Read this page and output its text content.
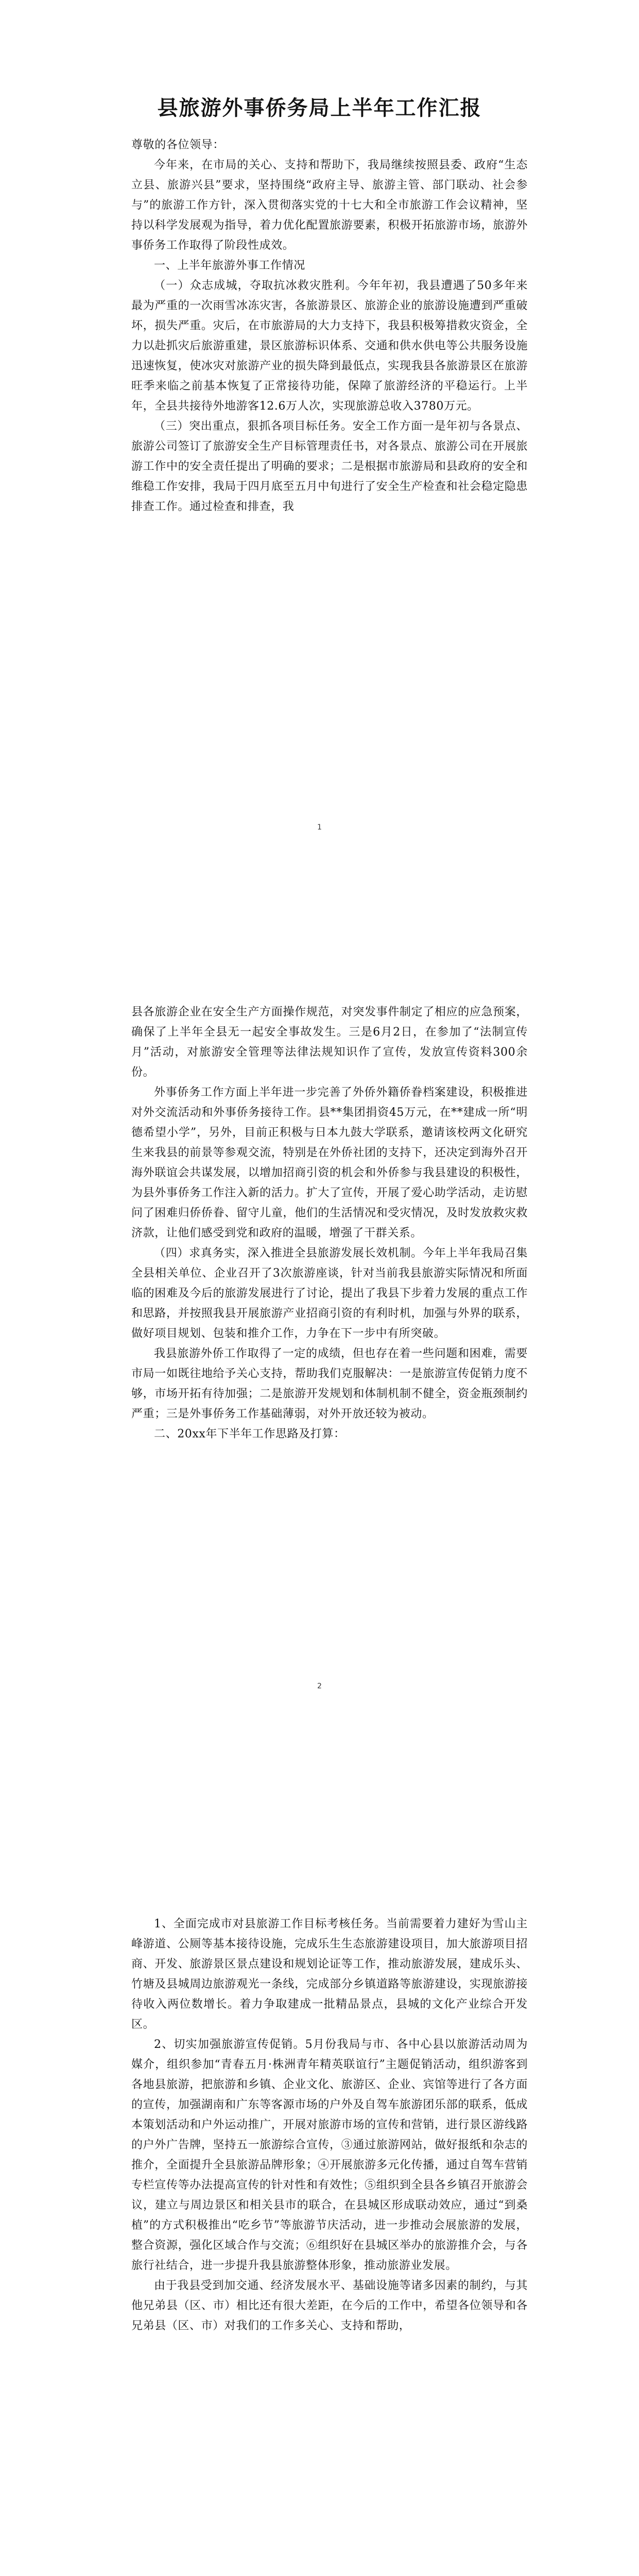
县旅游外事侨务局上半年工作汇报

尊敬的各位领导：

今年来，在市局的关心、支持和帮助下，我局继续按照县委、政府“生态立县、旅游兴县”要求，坚持围绕“政府主导、旅游主管、部门联动、社会参与”的旅游工作方针，深入贯彻落实党的十七大和全市旅游工作会议精神，坚持以科学发展观为指导，着力优化配置旅游要素，积极开拓旅游市场，旅游外事侨务工作取得了阶段性成效。

一、上半年旅游外事工作情况

（一）众志成城，夺取抗冰救灾胜利。今年年初，我县遭遇了50多年来最为严重的一次雨雪冰冻灾害，各旅游景区、旅游企业的旅游设施遭到严重破坏，损失严重。灾后，在市旅游局的大力支持下，我县积极筹措救灾资金，全力以赴抓灾后旅游重建，景区旅游标识体系、交通和供水供电等公共服务设施迅速恢复，使冰灾对旅游产业的损失降到最低点，实现我县各旅游景区在旅游旺季来临之前基本恢复了正常接待功能，保障了旅游经济的平稳运行。上半年，全县共接待外地游客12.6万人次，实现旅游总收入3780万元。

（三）突出重点，狠抓各项目标任务。安全工作方面一是年初与各景点、旅游公司签订了旅游安全生产目标管理责任书，对各景点、旅游公司在开展旅游工作中的安全责任提出了明确的要求；二是根据市旅游局和县政府的安全和维稳工作安排，我局于四月底至五月中旬进行了安全生产检查和社会稳定隐患排查工作。通过检查和排查，我

1

县各旅游企业在安全生产方面操作规范，对突发事件制定了相应的应急预案，确保了上半年全县无一起安全事故发生。三是6月2日，在参加了“法制宣传月”活动，对旅游安全管理等法律法规知识作了宣传，发放宣传资料300余份。

外事侨务工作方面上半年进一步完善了外侨外籍侨眷档案建设，积极推进对外交流活动和外事侨务接待工作。县**集团捐资45万元，在**建成一所“明德希望小学”，另外，目前正积极与日本九鼓大学联系，邀请该校两文化研究生来我县的前景等参观交流，特别是在外侨社团的支持下，还决定到海外召开海外联谊会共谋发展，以增加招商引资的机会和外侨参与我县建设的积极性，为县外事侨务工作注入新的活力。扩大了宣传，开展了爱心助学活动，走访慰问了困难归侨侨眷、留守儿童，他们的生活情况和受灾情况，及时发放救灾救济款，让他们感受到党和政府的温暖，增强了干群关系。

（四）求真务实，深入推进全县旅游发展长效机制。今年上半年我局召集全县相关单位、企业召开了3次旅游座谈，针对当前我县旅游实际情况和所面临的困难及今后的旅游发展进行了讨论，提出了我县下步着力发展的重点工作和思路，并按照我县开展旅游产业招商引资的有利时机，加强与外界的联系，做好项目规划、包装和推介工作，力争在下一步中有所突破。

我县旅游外侨工作取得了一定的成绩，但也存在着一些问题和困难，需要市局一如既往地给予关心支持，帮助我们克服解决：一是旅游宣传促销力度不够，市场开拓有待加强；二是旅游开发规划和体制机制不健全，资金瓶颈制约严重；三是外事侨务工作基础薄弱，对外开放还较为被动。

二、20xx年下半年工作思路及打算：

2

1、全面完成市对县旅游工作目标考核任务。当前需要着力建好为雪山主峰游道、公厕等基本接待设施，完成乐生生态旅游建设项目，加大旅游项目招商、开发、旅游景区景点建设和规划论证等工作，推动旅游发展，建成乐头、竹塘及县城周边旅游观光一条线，完成部分乡镇道路等旅游建设，实现旅游接待收入两位数增长。着力争取建成一批精品景点，县城的文化产业综合开发区。

2、切实加强旅游宣传促销。5月份我局与市、各中心县以旅游活动周为媒介，组织参加“青春五月·株洲青年精英联谊行”主题促销活动，组织游客到各地县旅游，把旅游和乡镇、企业文化、旅游区、企业、宾馆等进行了各方面的宣传，加强湖南和广东等客源市场的户外及自驾车旅游团乐部的联系，低成本策划活动和户外运动推广，开展对旅游市场的宣传和营销，进行景区游线路的户外广告牌，坚持五一旅游综合宣传，③通过旅游网站，做好报纸和杂志的推介，全面提升全县旅游品牌形象；④开展旅游多元化传播，通过自驾车营销专栏宣传等办法提高宣传的针对性和有效性；⑤组织到全县各乡镇召开旅游会议，建立与周边景区和相关县市的联合，在县城区形成联动效应，通过“到桑植”的方式积极推出“吃乡节”等旅游节庆活动，进一步推动会展旅游的发展，整合资源，强化区域合作与交流；⑥组织好在县城区举办的旅游推介会，与各旅行社结合，进一步提升我县旅游整体形象，推动旅游业发展。

由于我县受到加交通、经济发展水平、基础设施等诸多因素的制约，与其他兄弟县（区、市）相比还有很大差距，在今后的工作中，希望各位领导和各兄弟县（区、市）对我们的工作多关心、支持和帮助，
